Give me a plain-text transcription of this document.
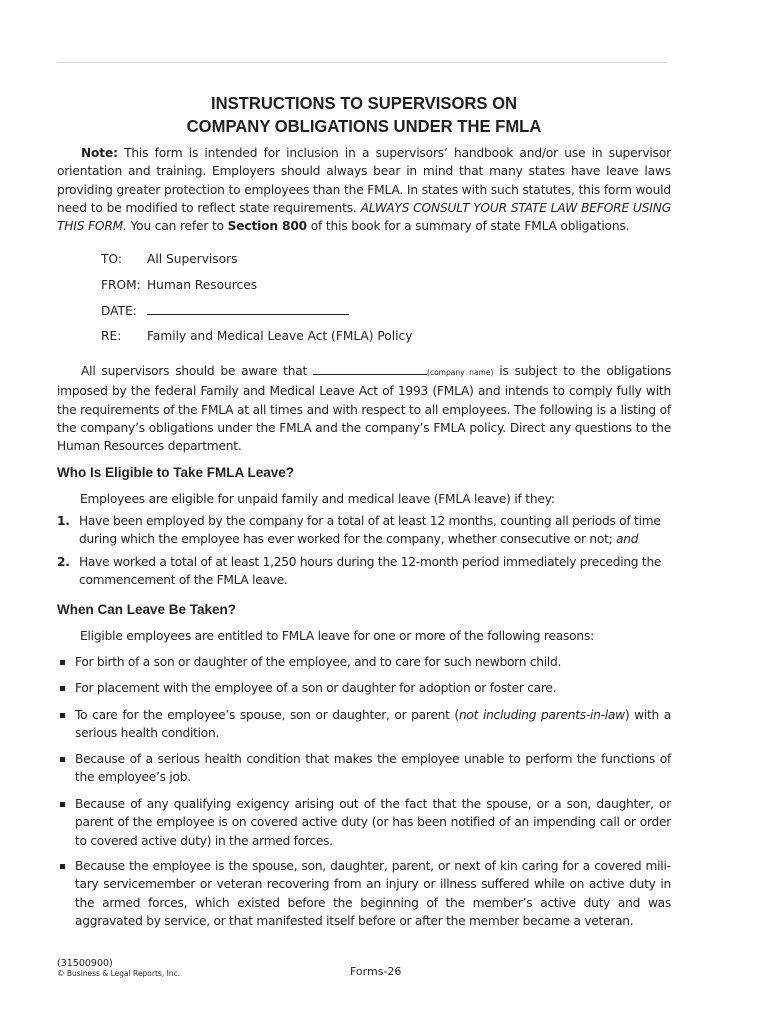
INSTRUCTIONS TO SUPERVISORS ON
COMPANY OBLIGATIONS UNDER THE FMLA
Note: This form is intended for inclusion in a supervisors’ handbook and/or use in supervisor orientation and training. Employers should always bear in mind that many states have leave laws providing greater protection to employees than the FMLA. In states with such statutes, this form would need to be modified to reflect state requirements. ALWAYS CONSULT YOUR STATE LAW BEFORE USING THIS FORM. You can refer to Section 800 of this book for a summary of state FMLA obligations.
TO: All Supervisors
FROM: Human Resources
DATE:
RE: Family and Medical Leave Act (FMLA) Policy
All supervisors should be aware that	(company name) is subject to the obligations imposed by the federal Family and Medical Leave Act of 1993 (FMLA) and intends to comply fully with the requirements of the FMLA at all times and with respect to all employees. The following is a listing of the company’s obligations under the FMLA and the company’s FMLA policy. Direct any questions to the Human Resources department.
Who Is Eligible to Take FMLA Leave?
Employees are eligible for unpaid family and medical leave (FMLA leave) if they:
1. Have been employed by the company for a total of at least 12 months, counting all periods of time during which the employee has ever worked for the company, whether consecutive or not; and
2. Have worked a total of at least 1,250 hours during the 12-month period immediately preceding the commencement of the FMLA leave.
When Can Leave Be Taken?
Eligible employees are entitled to FMLA leave for one or more of the following reasons:
For birth of a son or daughter of the employee, and to care for such newborn child.
For placement with the employee of a son or daughter for adoption or foster care.
To care for the employee’s spouse, son or daughter, or parent (not including parents-in-law) with a serious health condition.
Because of a serious health condition that makes the employee unable to perform the functions of the employee’s job.
Because of any qualifying exigency arising out of the fact that the spouse, or a son, daughter, or parent of the employee is on covered active duty (or has been notified of an impending call or order to covered active duty) in the armed forces.
Because the employee is the spouse, son, daughter, parent, or next of kin caring for a covered military servicemember or veteran recovering from an injury or illness suffered while on active duty in the armed forces, which existed before the beginning of the member’s active duty and was aggravated by service, or that manifested itself before or after the member became a veteran.
(31500900)
© Business & Legal Reports, Inc.	Forms-26
